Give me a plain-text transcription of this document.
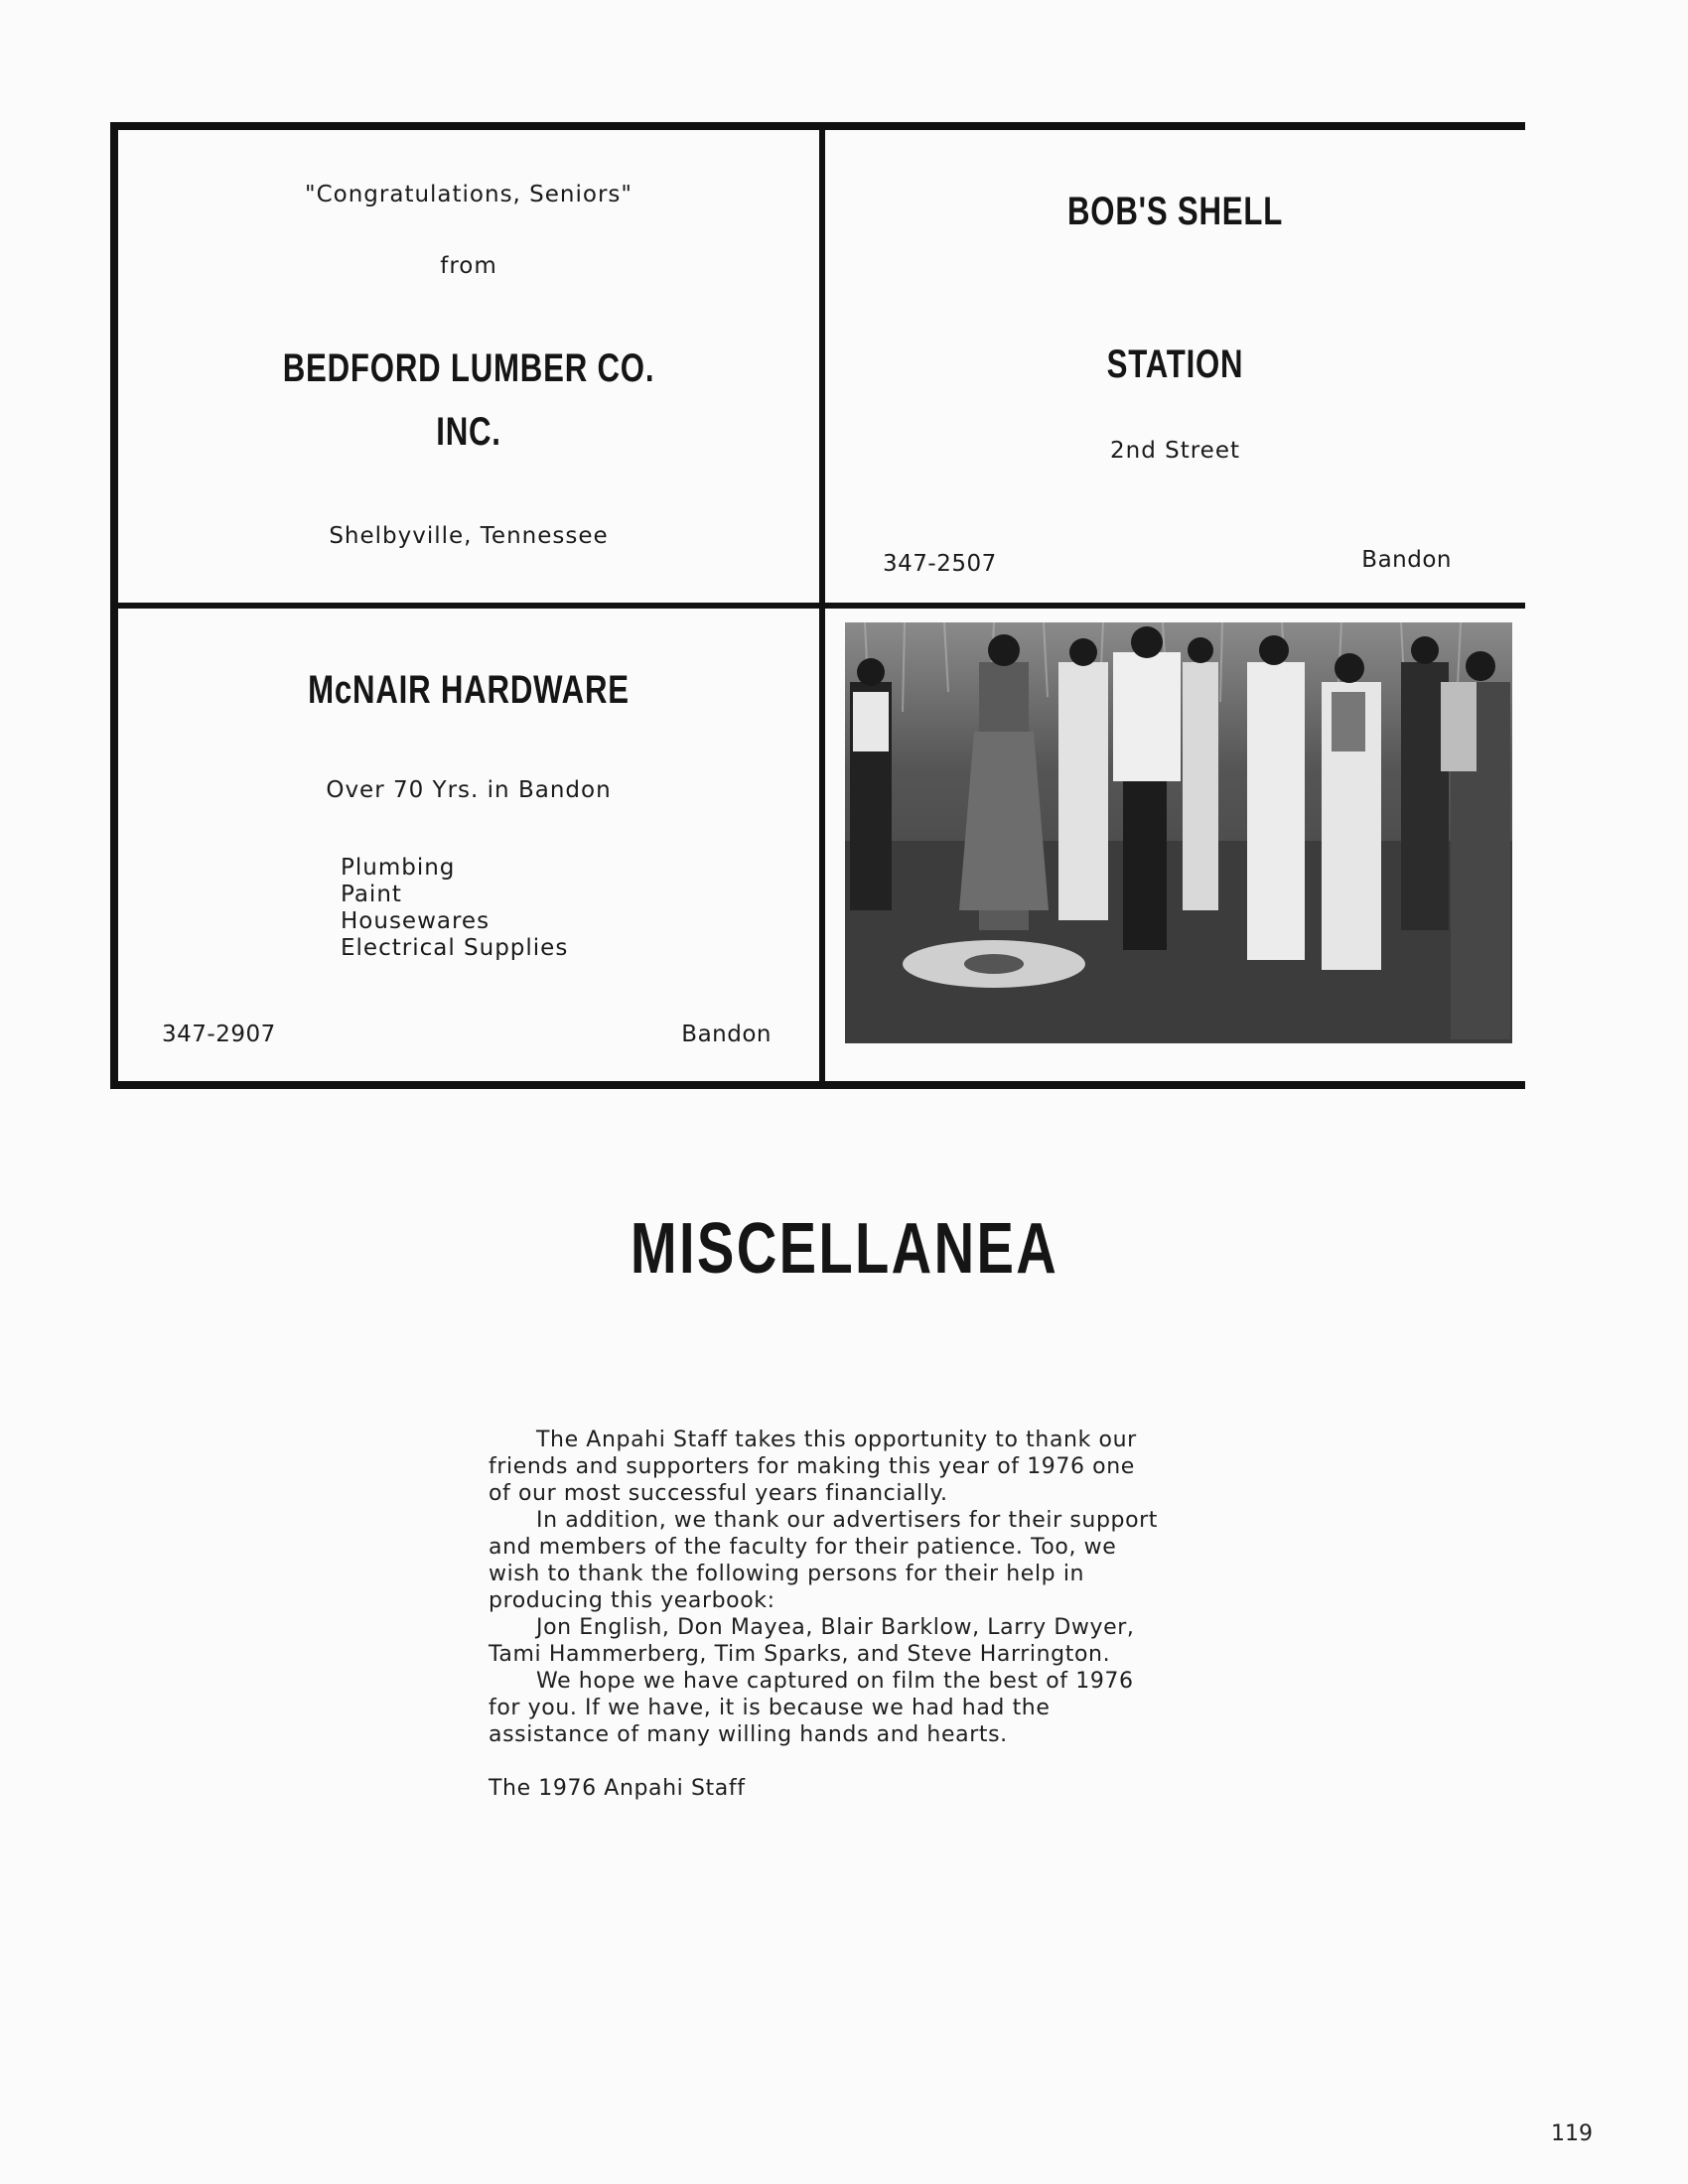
"Congratulations, Seniors"
from
BEDFORD LUMBER CO.
INC.
Shelbyville, Tennessee
BOB'S SHELL
STATION
2nd Street
347-2507	Bandon
McNAIR HARDWARE
Over 70 Yrs. in Bandon
Plumbing
Paint
Housewares
Electrical Supplies
347-2907	Bandon
MISCELLANEA

The Anpahi Staff takes this opportunity to thank our friends and supporters for making this year of 1976 one of our most successful years financially.

In addition, we thank our advertisers for their support and members of the faculty for their patience. Too, we wish to thank the following persons for their help in producing this yearbook:

Jon English, Don Mayea, Blair Barklow, Larry Dwyer, Tami Hammerberg, Tim Sparks, and Steve Harrington.

We hope we have captured on film the best of 1976 for you. If we have, it is because we had had the assistance of many willing hands and hearts.

The 1976 Anpahi Staff

119
